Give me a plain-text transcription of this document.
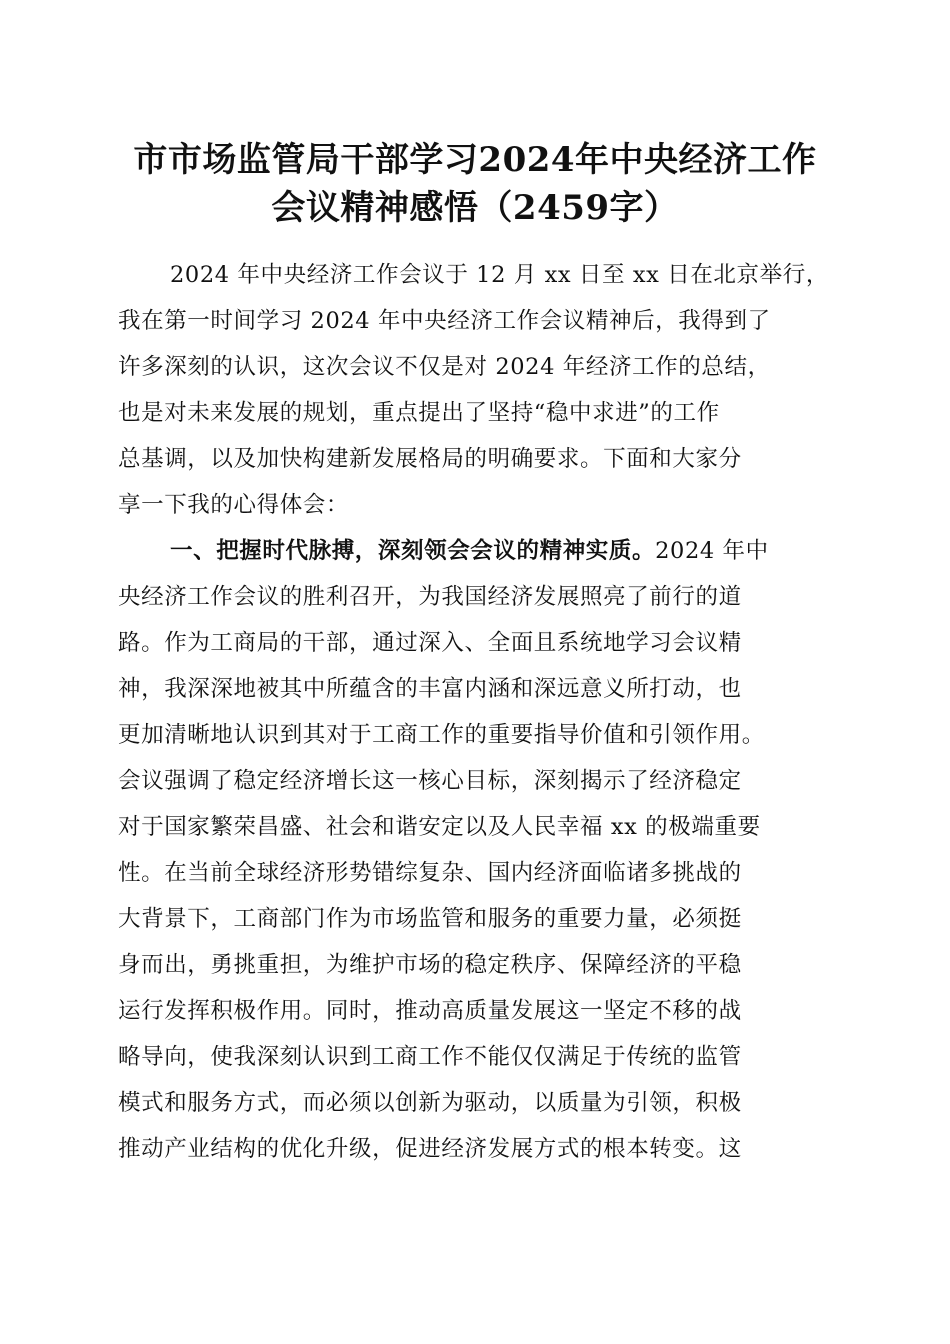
市市场监管局干部学习2024年中央经济工作
会议精神感悟（2459字）
2024 年中央经济工作会议于 12 月 xx 日至 xx 日在北京举行，
我在第一时间学习 2024 年中央经济工作会议精神后，我得到了
许多深刻的认识，这次会议不仅是对 2024 年经济工作的总结，
也是对未来发展的规划，重点提出了坚持“稳中求进”的工作
总基调，以及加快构建新发展格局的明确要求。下面和大家分
享一下我的心得体会：
一、把握时代脉搏，深刻领会会议的精神实质。2024 年中
央经济工作会议的胜利召开，为我国经济发展照亮了前行的道
路。作为工商局的干部，通过深入、全面且系统地学习会议精
神，我深深地被其中所蕴含的丰富内涵和深远意义所打动，也
更加清晰地认识到其对于工商工作的重要指导价值和引领作用。
会议强调了稳定经济增长这一核心目标，深刻揭示了经济稳定
对于国家繁荣昌盛、社会和谐安定以及人民幸福 xx 的极端重要
性。在当前全球经济形势错综复杂、国内经济面临诸多挑战的
大背景下，工商部门作为市场监管和服务的重要力量，必须挺
身而出，勇挑重担，为维护市场的稳定秩序、保障经济的平稳
运行发挥积极作用。同时，推动高质量发展这一坚定不移的战
略导向，使我深刻认识到工商工作不能仅仅满足于传统的监管
模式和服务方式，而必须以创新为驱动，以质量为引领，积极
推动产业结构的优化升级，促进经济发展方式的根本转变。这
